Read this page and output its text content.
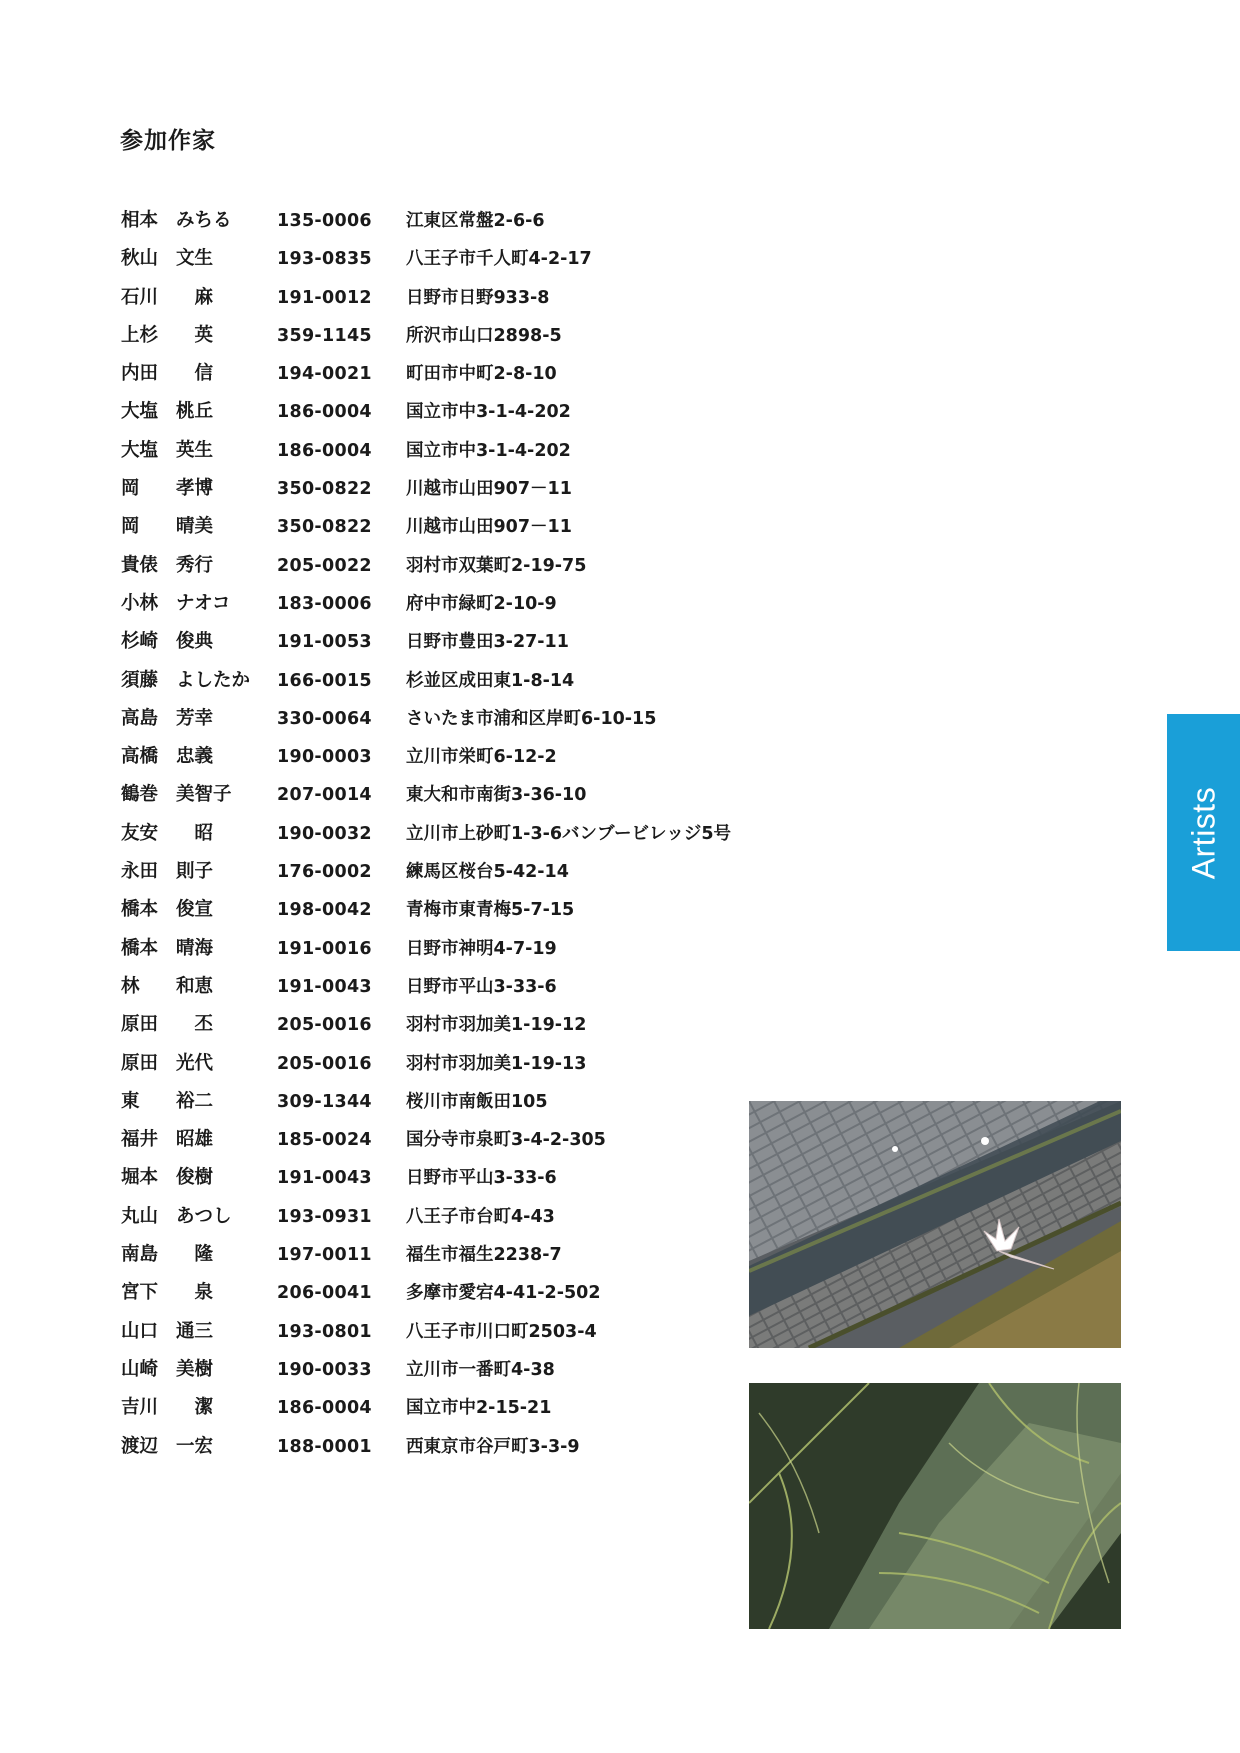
参加作家
相本 みちる	135-0006 江東区常盤2-6-6
秋山 文生	193-0835 八王子市千人町4-2-17
石川 　麻	191-0012 日野市日野933-8
上杉 　英	359-1145 所沢市山口2898-5
内田 　信	194-0021 町田市中町2-8-10
大塩 桃丘	186-0004 国立市中3-1-4-202
大塩 英生	186-0004 国立市中3-1-4-202
岡 孝博	350-0822 川越市山田907－11
岡 晴美	350-0822 川越市山田907－11
貴俵 秀行	205-0022 羽村市双葉町2-19-75
小林 ナオコ	183-0006 府中市緑町2-10-9
杉崎 俊典	191-0053 日野市豊田3-27-11
須藤 よしたか 166-0015 杉並区成田東1-8-14
高島 芳幸	330-0064 さいたま市浦和区岸町6-10-15
高橋 忠義	190-0003 立川市栄町6-12-2
鶴巻 美智子	207-0014 東大和市南街3-36-10
友安 　昭	190-0032 立川市上砂町1-3-6バンブービレッジ5号
永田 則子	176-0002 練馬区桜台5-42-14
橋本 俊宣	198-0042 青梅市東青梅5-7-15
橋本 晴海	191-0016 日野市神明4-7-19
林 和恵	191-0043 日野市平山3-33-6
原田 　丕	205-0016 羽村市羽加美1-19-12
原田 光代	205-0016 羽村市羽加美1-19-13
東 裕二	309-1344 桜川市南飯田105
福井 昭雄	185-0024 国分寺市泉町3-4-2-305
堀本 俊樹	191-0043 日野市平山3-33-6
丸山 あつし	193-0931 八王子市台町4-43
南島 　隆	197-0011 福生市福生2238-7
宮下 　泉	206-0041 多摩市愛宕4-41-2-502
山口 通三	193-0801 八王子市川口町2503-4
山崎 美樹	190-0033 立川市一番町4-38
吉川 　潔	186-0004 国立市中2-15-21
渡辺 一宏	188-0001 西東京市谷戸町3-3-9
Artists
